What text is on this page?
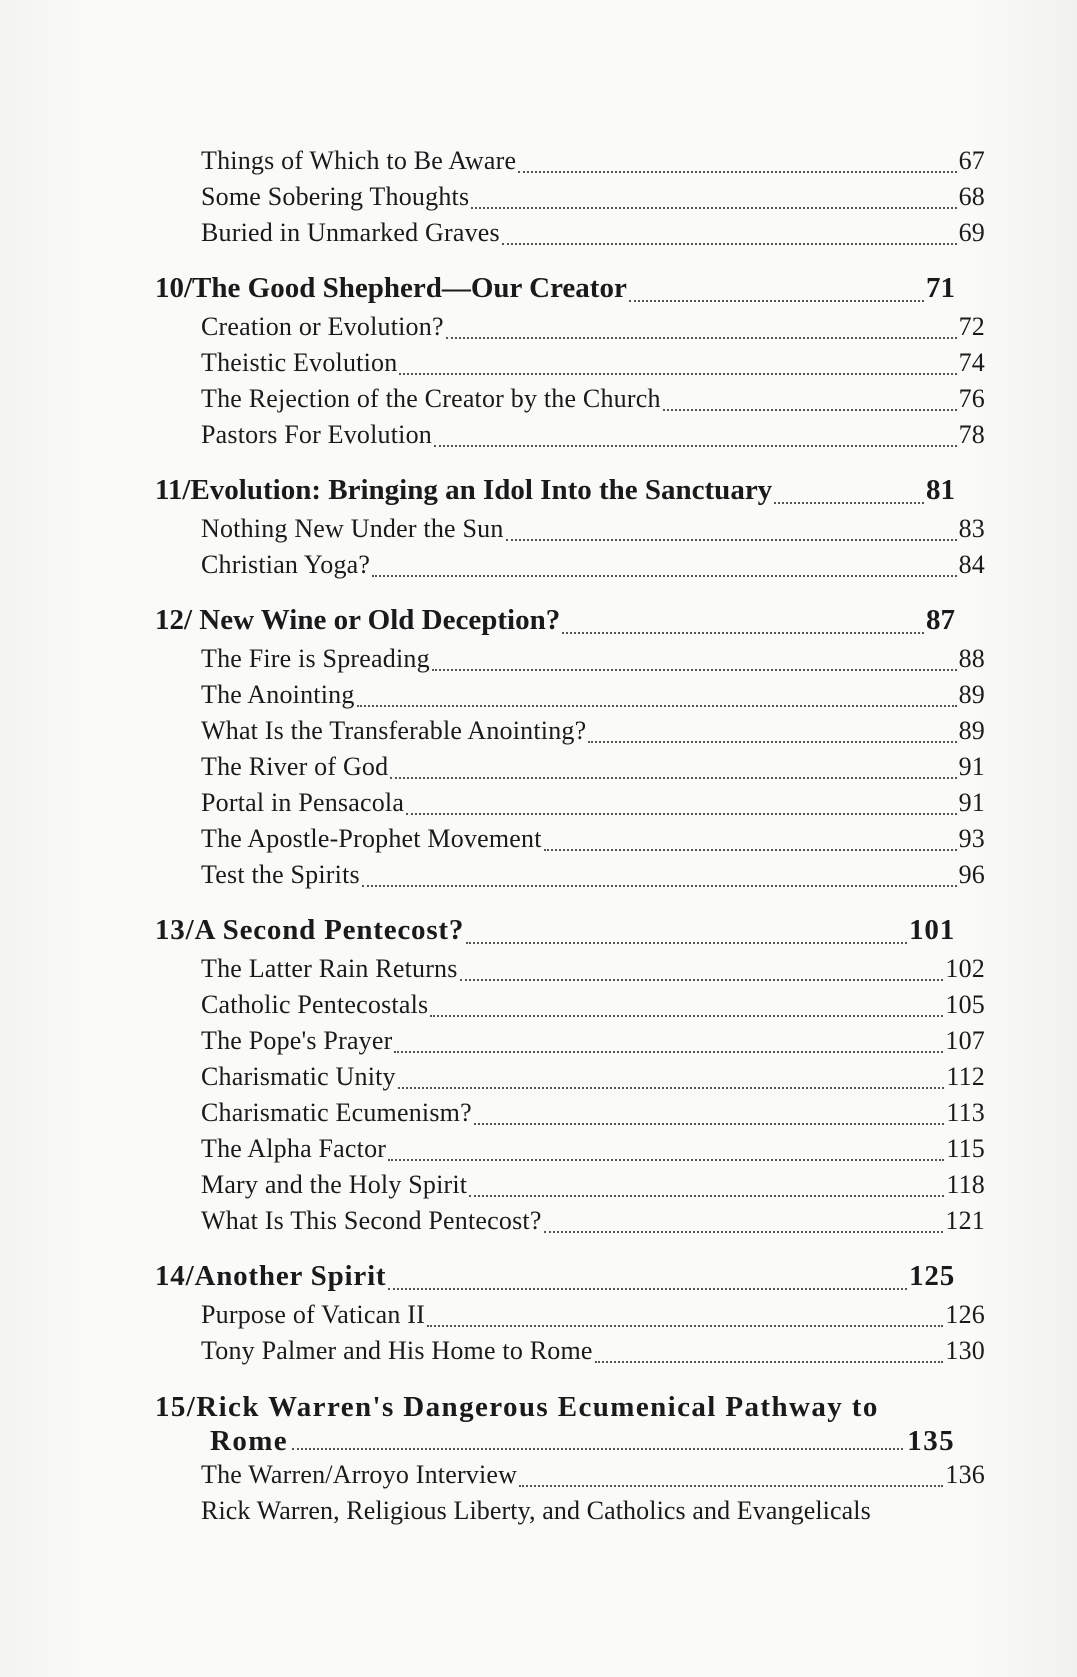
Things of Which to Be Aware	67
Some Sobering Thoughts	68
Buried in Unmarked Graves	69
10/The Good Shepherd—Our Creator	71
Creation or Evolution?	72
Theistic Evolution	74
The Rejection of the Creator by the Church	76
Pastors For Evolution	78
11/Evolution: Bringing an Idol Into the Sanctuary	81
Nothing New Under the Sun	83
Christian Yoga?	84
12/ New Wine or Old Deception?	87
The Fire is Spreading	88
The Anointing	89
What Is the Transferable Anointing?	89
The River of God	91
Portal in Pensacola	91
The Apostle-Prophet Movement	93
Test the Spirits	96
13/A Second Pentecost?	101
The Latter Rain Returns	102
Catholic Pentecostals	105
The Pope's Prayer	107
Charismatic Unity	112
Charismatic Ecumenism?	113
The Alpha Factor	115
Mary and the Holy Spirit	118
What Is This Second Pentecost?	121
14/Another Spirit	125
Purpose of Vatican II	126
Tony Palmer and His Home to Rome	130
15/Rick Warren's Dangerous Ecumenical Pathway to
Rome	135
The Warren/Arroyo Interview	136
Rick Warren, Religious Liberty, and Catholics and Evangelicals
